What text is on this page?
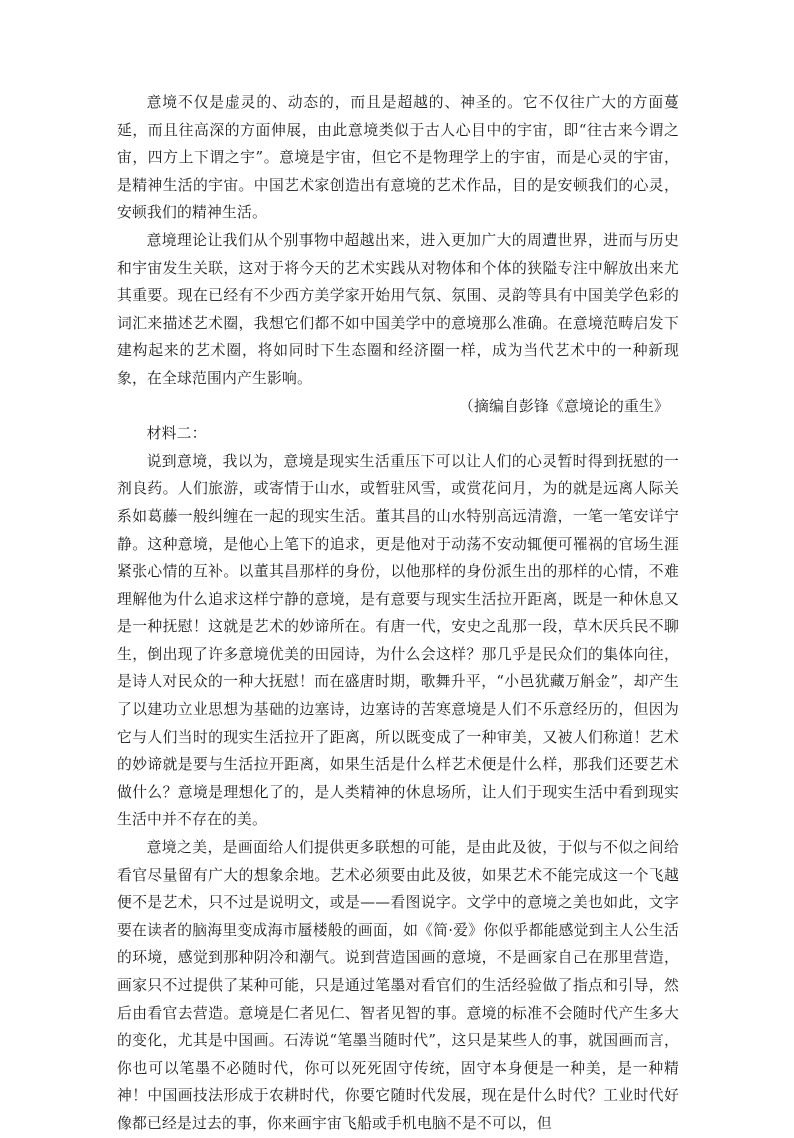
意境不仅是虚灵的、动态的，而且是超越的、神圣的。它不仅往广大的方面蔓延，而且往高深的方面伸展，由此意境类似于古人心目中的宇宙，即“往古来今谓之宙，四方上下谓之宇”。意境是宇宙，但它不是物理学上的宇宙，而是心灵的宇宙，是精神生活的宇宙。中国艺术家创造出有意境的艺术作品，目的是安顿我们的心灵，安顿我们的精神生活。

意境理论让我们从个别事物中超越出来，进入更加广大的周遭世界，进而与历史和宇宙发生关联，这对于将今天的艺术实践从对物体和个体的狭隘专注中解放出来尤其重要。现在已经有不少西方美学家开始用气氛、氛围、灵韵等具有中国美学色彩的词汇来描述艺术圈，我想它们都不如中国美学中的意境那么准确。在意境范畴启发下建构起来的艺术圈，将如同时下生态圈和经济圈一样，成为当代艺术中的一种新现象，在全球范围内产生影响。

（摘编自彭锋《意境论的重生》

材料二：

说到意境，我以为，意境是现实生活重压下可以让人们的心灵暂时得到抚慰的一剂良药。人们旅游，或寄情于山水，或暂驻风雪，或赏花问月，为的就是远离人际关系如葛藤一般纠缠在一起的现实生活。董其昌的山水特别高远清澹，一笔一笔安详宁静。这种意境，是他心上笔下的追求，更是他对于动荡不安动辄便可罹祸的官场生涯紧张心情的互补。以董其昌那样的身份，以他那样的身份派生出的那样的心情，不难理解他为什么追求这样宁静的意境，是有意要与现实生活拉开距离，既是一种休息又是一种抚慰！这就是艺术的妙谛所在。有唐一代，安史之乱那一段，草木厌兵民不聊生，倒出现了许多意境优美的田园诗，为什么会这样？那几乎是民众们的集体向往，是诗人对民众的一种大抚慰！而在盛唐时期，歌舞升平，“小邑犹藏万斛金”，却产生了以建功立业思想为基础的边塞诗，边塞诗的苦寒意境是人们不乐意经历的，但因为它与人们当时的现实生活拉开了距离，所以既变成了一种审美，又被人们称道！艺术的妙谛就是要与生活拉开距离，如果生活是什么样艺术便是什么样，那我们还要艺术做什么？意境是理想化了的，是人类精神的休息场所，让人们于现实生活中看到现实生活中并不存在的美。

意境之美，是画面给人们提供更多联想的可能，是由此及彼，于似与不似之间给看官尽量留有广大的想象余地。艺术必须要由此及彼，如果艺术不能完成这一个飞越便不是艺术，只不过是说明文，或是——看图说字。文学中的意境之美也如此，文字要在读者的脑海里变成海市蜃楼般的画面，如《简·爱》你似乎都能感觉到主人公生活的环境，感觉到那种阴冷和潮气。说到营造国画的意境，不是画家自己在那里营造，画家只不过提供了某种可能，只是通过笔墨对看官们的生活经验做了指点和引导，然后由看官去营造。意境是仁者见仁、智者见智的事。意境的标准不会随时代产生多大的变化，尤其是中国画。石涛说“笔墨当随时代”，这只是某些人的事，就国画而言，你也可以笔墨不必随时代，你可以死死固守传统，固守本身便是一种美，是一种精神！中国画技法形成于农耕时代，你要它随时代发展，现在是什么时代？工业时代好像都已经是过去的事，你来画宇宙飞船或手机电脑不是不可以，但
